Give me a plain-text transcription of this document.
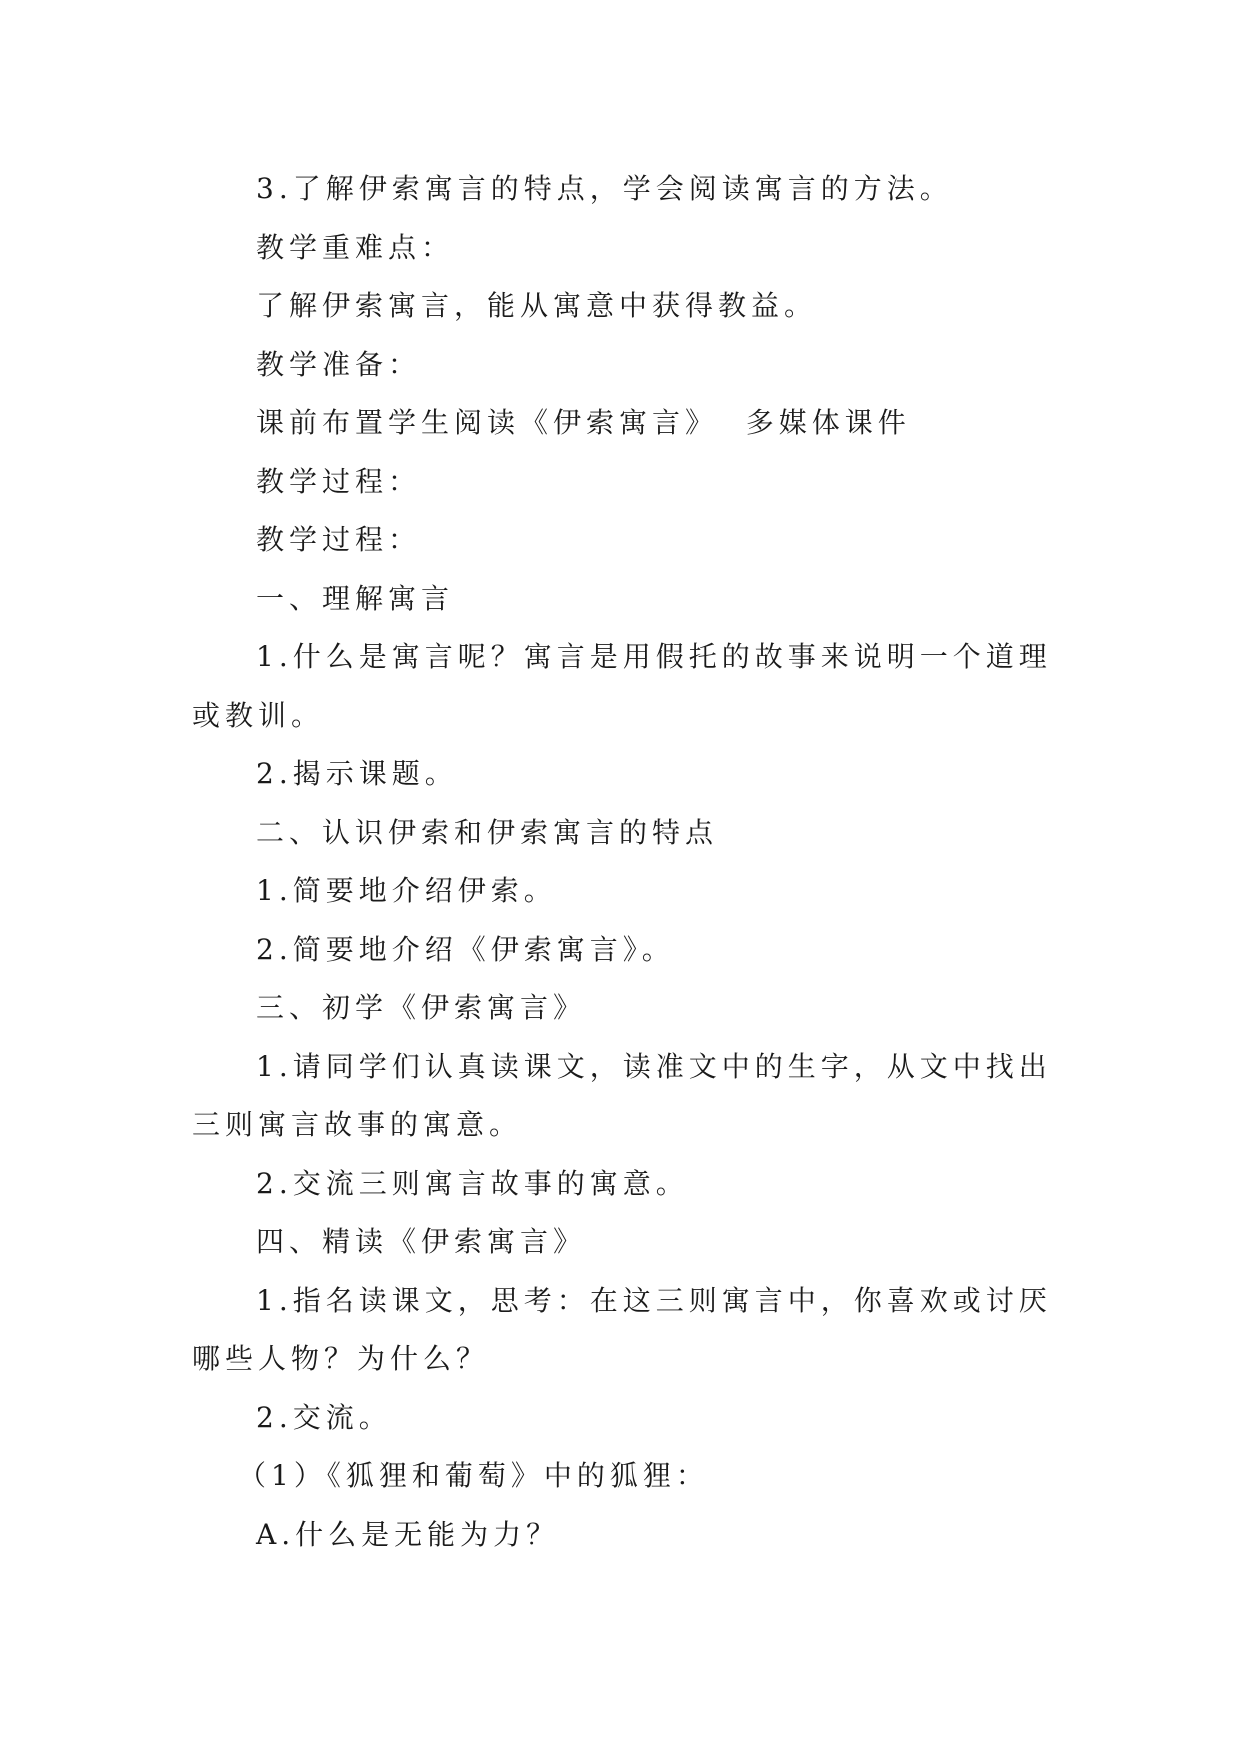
3.了解伊索寓言的特点，学会阅读寓言的方法。

教学重难点：

了解伊索寓言，能从寓意中获得教益。

教学准备：

课前布置学生阅读《伊索寓言》  多媒体课件

教学过程：

教学过程：

一、理解寓言

1.什么是寓言呢？寓言是用假托的故事来说明一个道理或教训。

2.揭示课题。

二、认识伊索和伊索寓言的特点

1.简要地介绍伊索。

2.简要地介绍《伊索寓言》。

三、初学《伊索寓言》

1.请同学们认真读课文，读准文中的生字，从文中找出三则寓言故事的寓意。

2.交流三则寓言故事的寓意。

四、精读《伊索寓言》

1.指名读课文，思考：在这三则寓言中，你喜欢或讨厌哪些人物？为什么？

2.交流。

（1）《狐狸和葡萄》中的狐狸：

A.什么是无能为力？
